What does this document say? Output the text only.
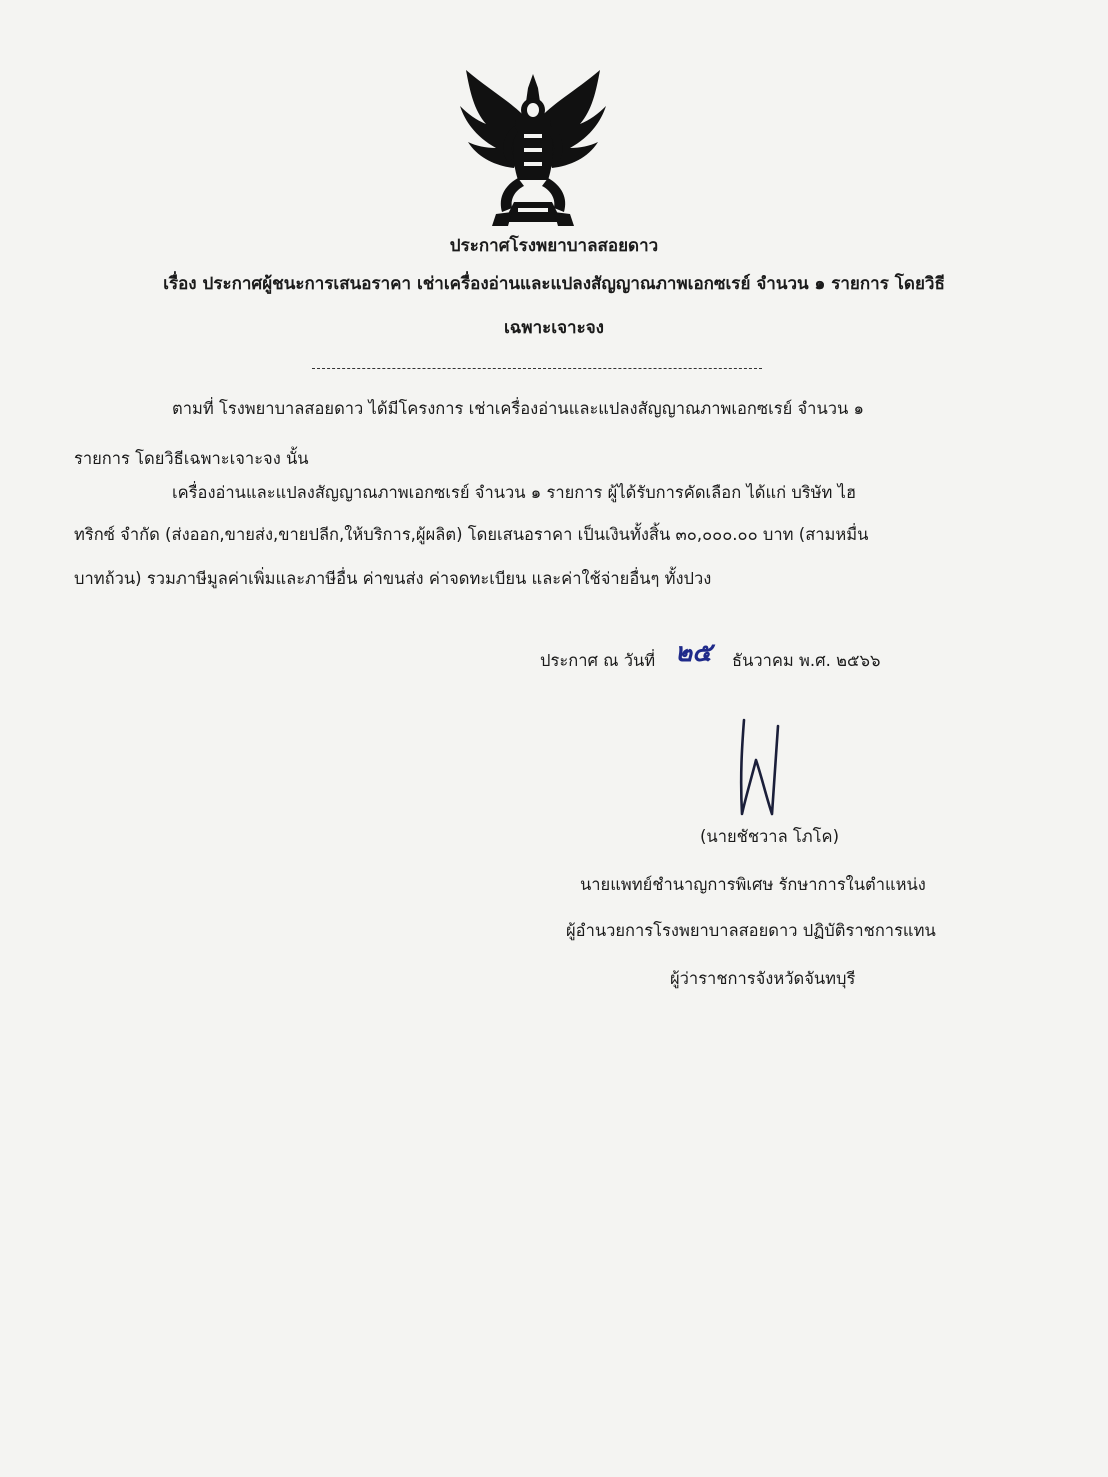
ประกาศโรงพยาบาลสอยดาว
เรื่อง ประกาศผู้ชนะการเสนอราคา เช่าเครื่องอ่านและแปลงสัญญาณภาพเอกซเรย์ จำนวน ๑ รายการ โดยวิธี
เฉพาะเจาะจง
ตามที่ โรงพยาบาลสอยดาว ได้มีโครงการ เช่าเครื่องอ่านและแปลงสัญญาณภาพเอกซเรย์ จำนวน ๑
รายการ โดยวิธีเฉพาะเจาะจง นั้น
เครื่องอ่านและแปลงสัญญาณภาพเอกซเรย์ จำนวน ๑ รายการ ผู้ได้รับการคัดเลือก ได้แก่ บริษัท ไฮ
ทริกซ์ จำกัด (ส่งออก,ขายส่ง,ขายปลีก,ให้บริการ,ผู้ผลิต) โดยเสนอราคา เป็นเงินทั้งสิ้น ๓๐,๐๐๐.๐๐ บาท (สามหมื่น
บาทถ้วน) รวมภาษีมูลค่าเพิ่มและภาษีอื่น ค่าขนส่ง ค่าจดทะเบียน และค่าใช้จ่ายอื่นๆ ทั้งปวง
ประกาศ ณ วันที่ ๒๕ ธันวาคม พ.ศ. ๒๕๖๖
(นายชัชวาล โภโค)
นายแพทย์ชำนาญการพิเศษ รักษาการในตำแหน่ง
ผู้อำนวยการโรงพยาบาลสอยดาว ปฏิบัติราชการแทน
ผู้ว่าราชการจังหวัดจันทบุรี
